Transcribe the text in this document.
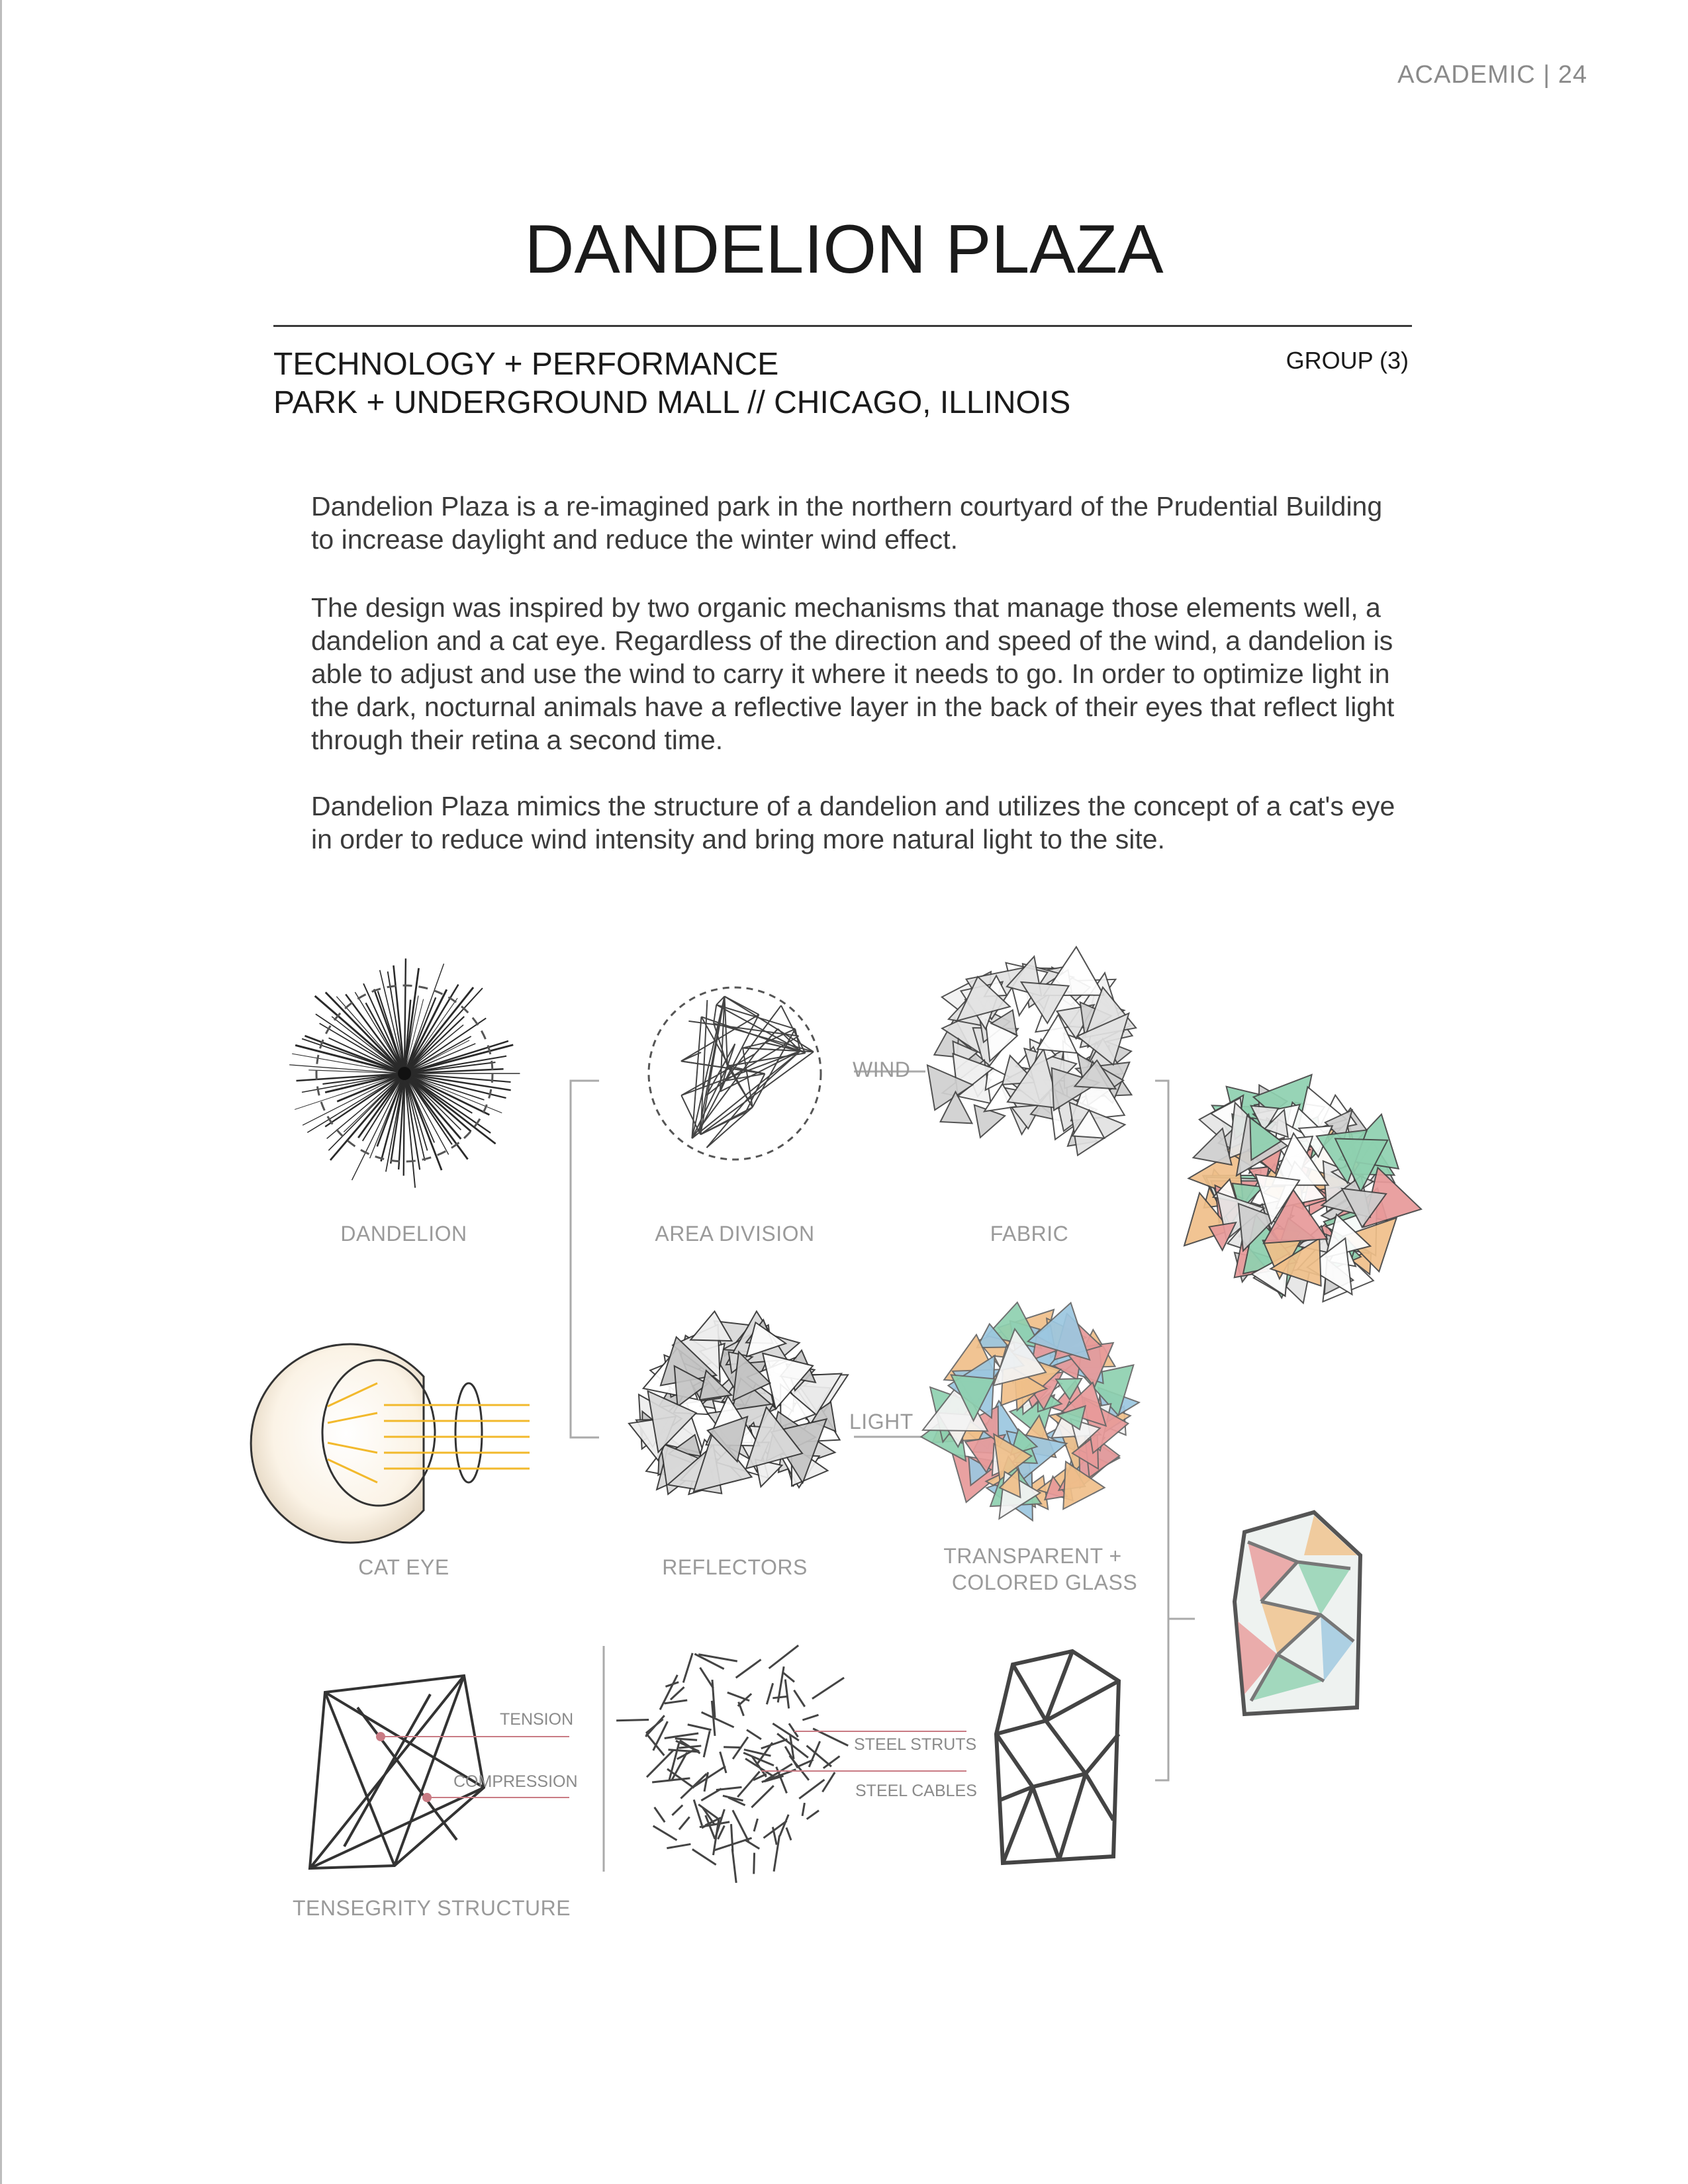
ACADEMIC | 24
DANDELION PLAZA
TECHNOLOGY + PERFORMANCE
PARK + UNDERGROUND MALL // CHICAGO, ILLINOIS
GROUP (3)

Dandelion Plaza is a re-imagined park in the northern courtyard of the Prudential Building to increase daylight and reduce the winter wind effect.

The design was inspired by two organic mechanisms that manage those elements well, a dandelion and a cat eye. Regardless of the direction and speed of the wind, a dandelion is able to adjust and use the wind to carry it where it needs to go. In order to optimize light in the dark, nocturnal animals have a reflective layer in the back of their eyes that reflect light through their retina a second time.

Dandelion Plaza mimics the structure of a dandelion and utilizes the concept of a cat's eye in order to reduce wind intensity and bring more natural light to the site.

DANDELION	AREA DIVISION	FABRIC
WIND
CAT EYE	REFLECTORS
LIGHT
TRANSPARENT +
COLORED GLASS
TENSION
COMPRESSION
TENSEGRITY STRUCTURE
STEEL STRUTS
STEEL CABLES
